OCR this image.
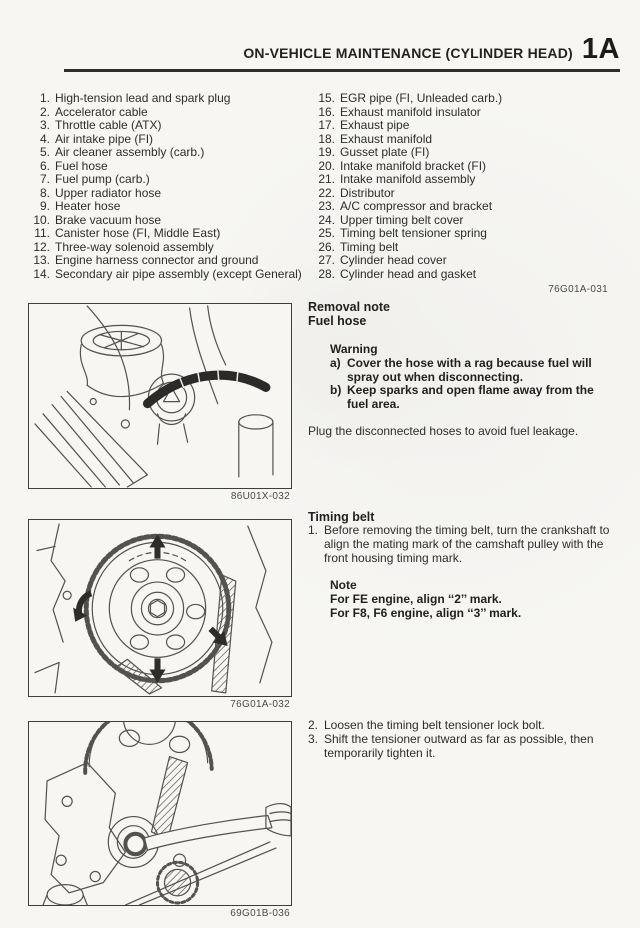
ON-VEHICLE MAINTENANCE (CYLINDER HEAD) 1A
1. High-tension lead and spark plug
2. Accelerator cable
3. Throttle cable (ATX)
4. Air intake pipe (FI)
5. Air cleaner assembly (carb.)
6. Fuel hose
7. Fuel pump (carb.)
8. Upper radiator hose
9. Heater hose
10. Brake vacuum hose
11. Canister hose (FI, Middle East)
12. Three-way solenoid assembly
13. Engine harness connector and ground
14. Secondary air pipe assembly (except General)
15. EGR pipe (FI, Unleaded carb.)
16. Exhaust manifold insulator
17. Exhaust pipe
18. Exhaust manifold
19. Gusset plate (FI)
20. Intake manifold bracket (FI)
21. Intake manifold assembly
22. Distributor
23. A/C compressor and bracket
24. Upper timing belt cover
25. Timing belt tensioner spring
26. Timing belt
27. Cylinder head cover
28. Cylinder head and gasket
76G01A-031
86U01X-032
76G01A-032
69G01B-036

Removal note

Fuel hose

Warning
a) Cover the hose with a rag because fuel will spray out when disconnecting.
b) Keep sparks and open flame away from the fuel area.

Plug the disconnected hoses to avoid fuel leakage.

Timing belt

1. Before removing the timing belt, turn the crankshaft to align the mating mark of the camshaft pulley with the front housing timing mark.
Note
For FE engine, align ‘‘2’’ mark.
For F8, F6 engine, align ‘‘3’’ mark.
2. Loosen the timing belt tensioner lock bolt.
3. Shift the tensioner outward as far as possible, then temporarily tighten it.
